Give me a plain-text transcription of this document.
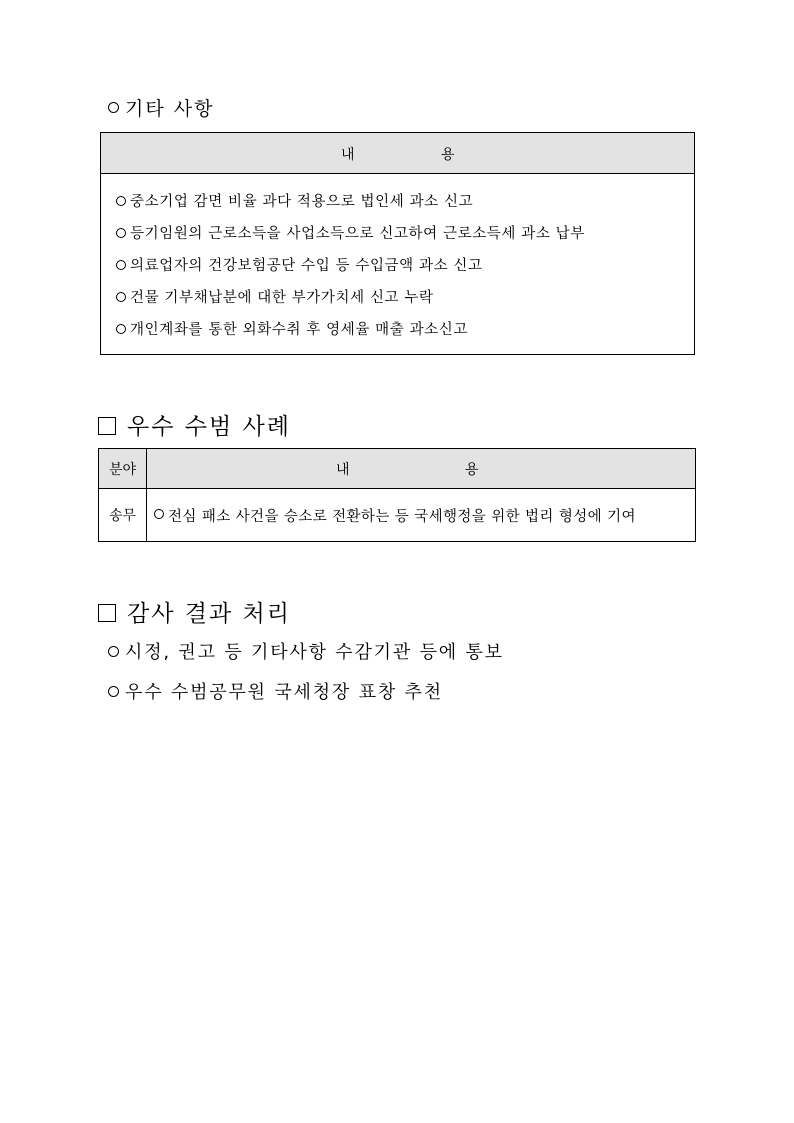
기타 사항
내	용
중소기업 감면 비율 과다 적용으로 법인세 과소 신고
등기임원의 근로소득을 사업소득으로 신고하여 근로소득세 과소 납부
의료업자의 건강보험공단 수입 등 수입금액 과소 신고
건물 기부채납분에 대한 부가가치세 신고 누락
개인계좌를 통한 외화수취 후 영세율 매출 과소신고
우수 수범 사례
분야	내	용
송무	전심 패소 사건을 승소로 전환하는 등 국세행정을 위한 법리 형성에 기여
감사 결과 처리
시정, 권고 등 기타사항 수감기관 등에 통보
우수 수범공무원 국세청장 표창 추천
